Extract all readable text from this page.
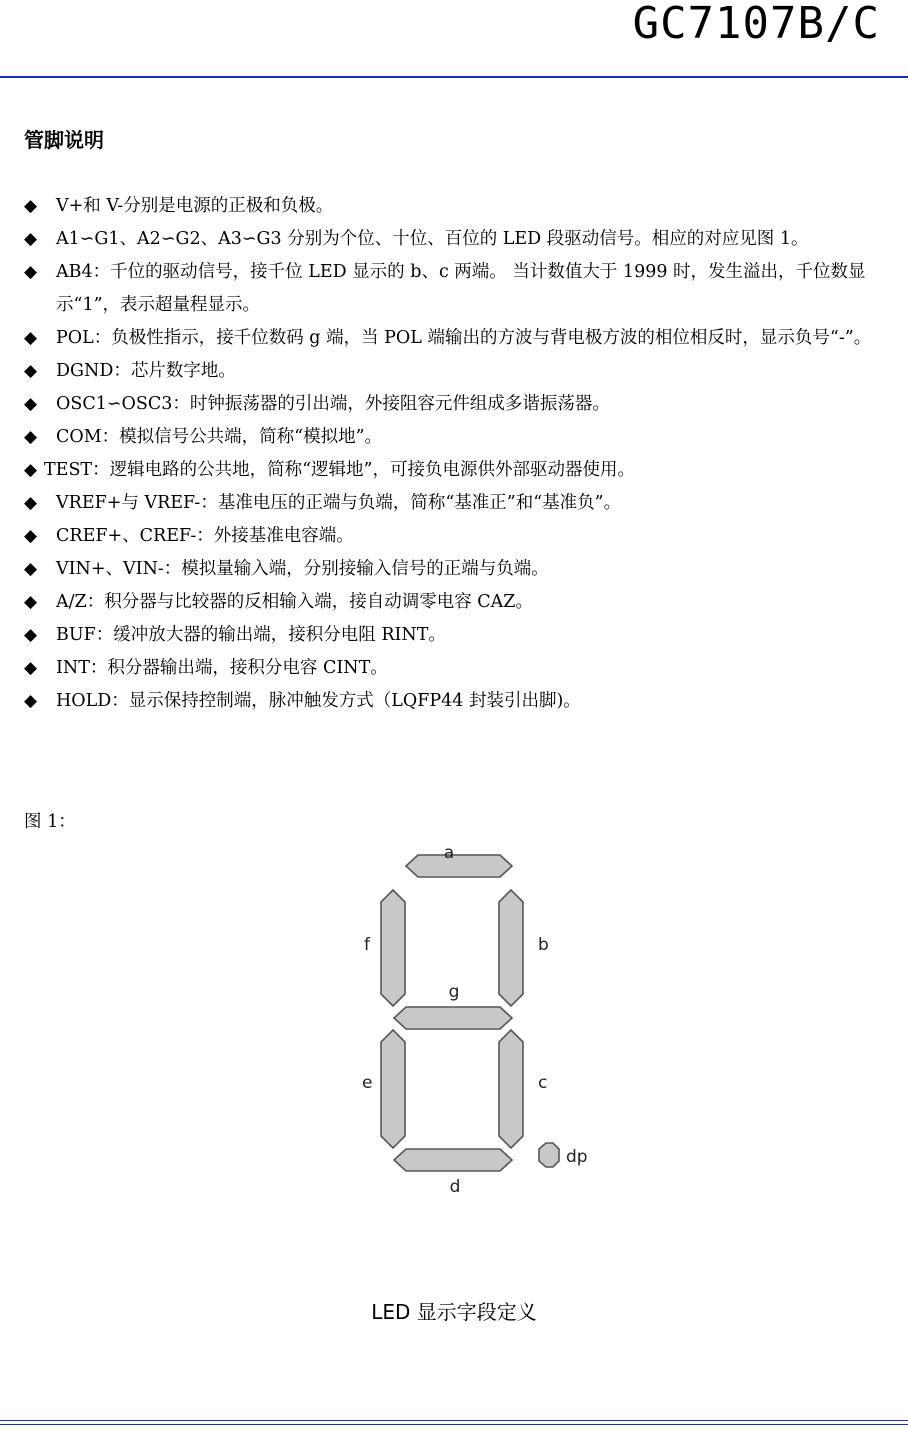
GC7107B/C
管脚说明
◆ V+和 V-分别是电源的正极和负极。
◆ A1∽G1、A2∽G2、A3∽G3 分别为个位、十位、百位的 LED 段驱动信号。相应的对应见图 1。
◆ AB4：千位的驱动信号，接千位 LED 显示的 b、c 两端。 当计数值大于 1999 时，发生溢出，千位数显示“1”，表示超量程显示。
◆ POL：负极性指示，接千位数码 g 端，当 POL 端输出的方波与背电极方波的相位相反时，显示负号“-”。
◆ DGND：芯片数字地。
◆ OSC1∽OSC3：时钟振荡器的引出端，外接阻容元件组成多谐振荡器。
◆ COM：模拟信号公共端，简称“模拟地”。
◆ TEST：逻辑电路的公共地，简称“逻辑地”，可接负电源供外部驱动器使用。
◆ VREF+与 VREF-：基准电压的正端与负端，简称“基准正”和“基准负”。
◆ CREF+、CREF-：外接基准电容端。
◆ VIN+、VIN-：模拟量输入端，分别接输入信号的正端与负端。
◆ A/Z：积分器与比较器的反相输入端，接自动调零电容 CAZ。
◆ BUF：缓冲放大器的输出端，接积分电阻 RINT。
◆ INT：积分器输出端，接积分电容 CINT。
◆ HOLD：显示保持控制端，脉冲触发方式（LQFP44 封装引出脚)。
图 1：
a
b
c
d
e
f
g
dp
LED 显示字段定义
